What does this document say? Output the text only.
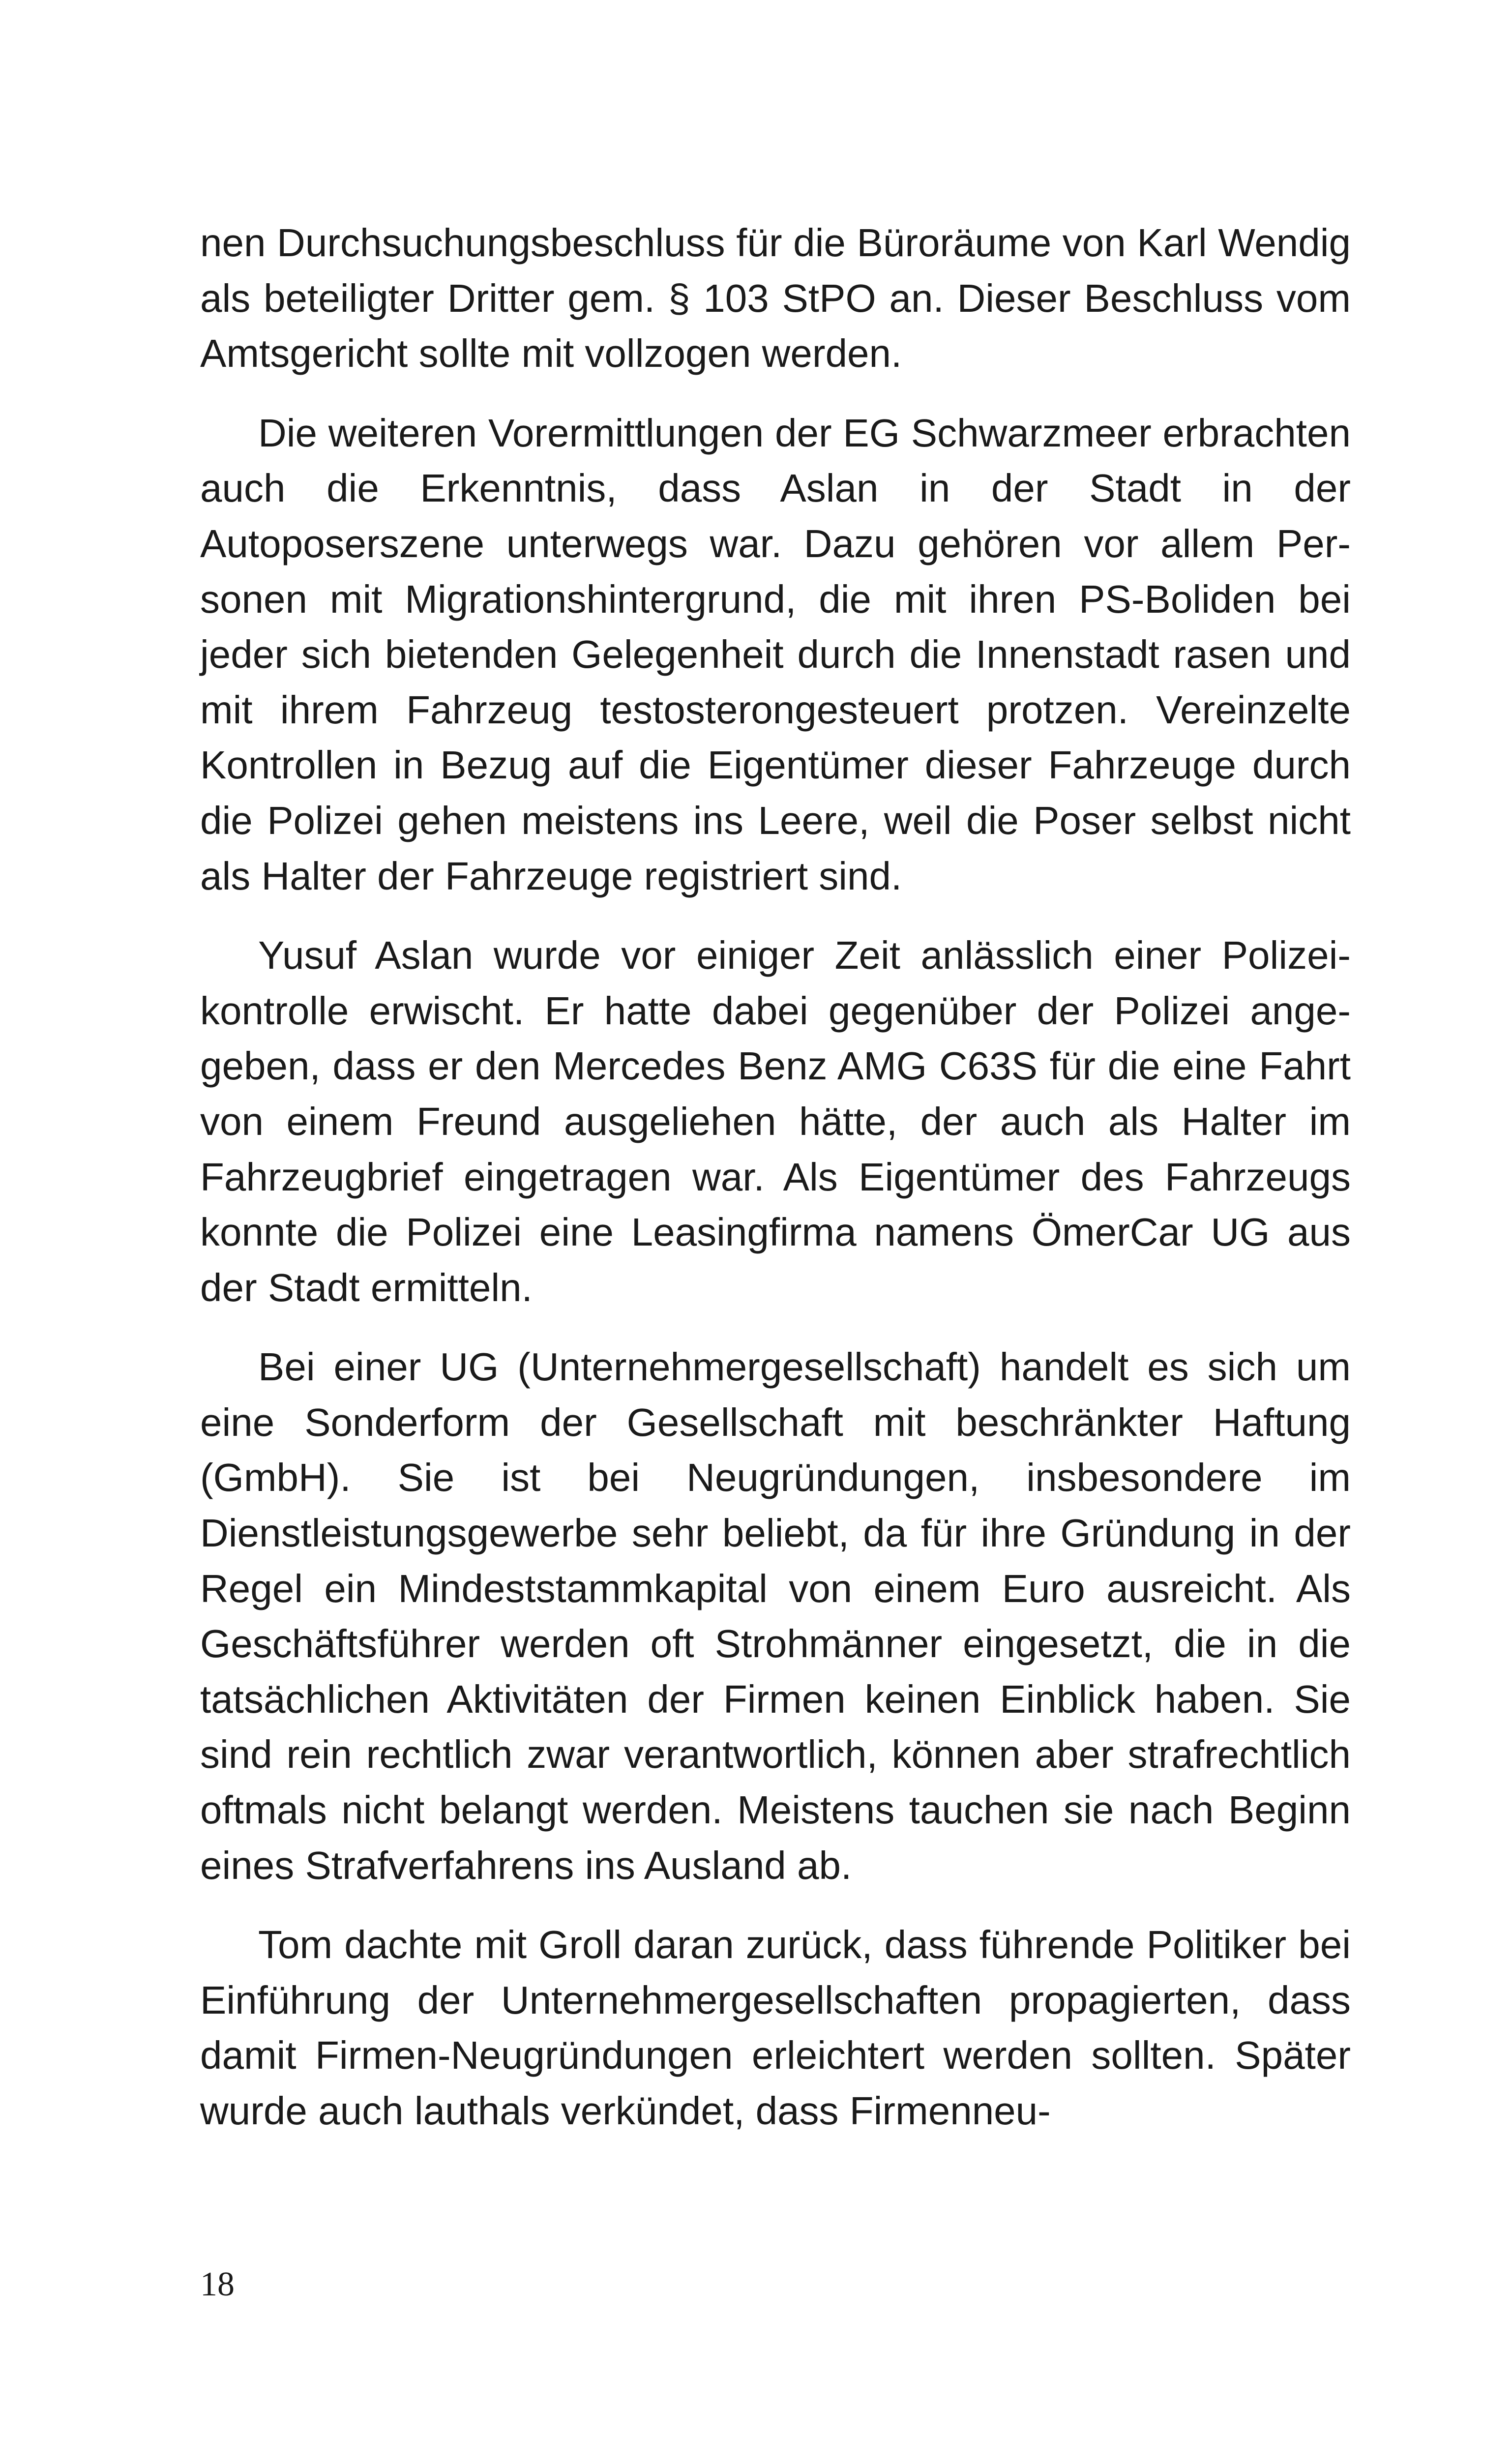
nen Durchsuchungsbeschluss für die Büroräume von Karl Wendig als beteiligter Dritter gem. § 103 StPO an. Dieser Beschluss vom Amtsgericht sollte mit vollzogen werden.

Die weiteren Vorermittlungen der EG Schwarzmeer erbrachten auch die Erkenntnis, dass Aslan in der Stadt in der Autoposerszene unterwegs war. Dazu gehören vor allem Personen mit Migrationshintergrund, die mit ihren PS-Boliden bei jeder sich bietenden Gelegenheit durch die Innenstadt rasen und mit ihrem Fahrzeug testosterongesteuert protzen. Vereinzelte Kontrollen in Bezug auf die Eigentümer dieser Fahrzeuge durch die Polizei gehen meistens ins Leere, weil die Poser selbst nicht als Halter der Fahrzeuge registriert sind.

Yusuf Aslan wurde vor einiger Zeit anlässlich einer Polizeikontrolle erwischt. Er hatte dabei gegenüber der Polizei angegeben, dass er den Mercedes Benz AMG C63S für die eine Fahrt von einem Freund ausgeliehen hätte, der auch als Halter im Fahrzeugbrief eingetragen war. Als Eigentümer des Fahrzeugs konnte die Polizei eine Leasingfirma namens ÖmerCar UG aus der Stadt ermitteln.

Bei einer UG (Unternehmergesellschaft) handelt es sich um eine Sonderform der Gesellschaft mit beschränkter Haftung (GmbH). Sie ist bei Neugründungen, insbesondere im Dienstleistungsgewerbe sehr beliebt, da für ihre Gründung in der Regel ein Mindeststammkapital von einem Euro ausreicht. Als Geschäftsführer werden oft Strohmänner eingesetzt, die in die tatsächlichen Aktivitäten der Firmen keinen Einblick haben. Sie sind rein rechtlich zwar verantwortlich, können aber strafrechtlich oftmals nicht belangt werden. Meistens tauchen sie nach Beginn eines Strafverfahrens ins Ausland ab.

Tom dachte mit Groll daran zurück, dass führende Politiker bei Einführung der Unternehmergesellschaften propagierten, dass damit Firmen-Neugründungen erleichtert werden sollten. Später wurde auch lauthals verkündet, dass Firmenneu-

18
